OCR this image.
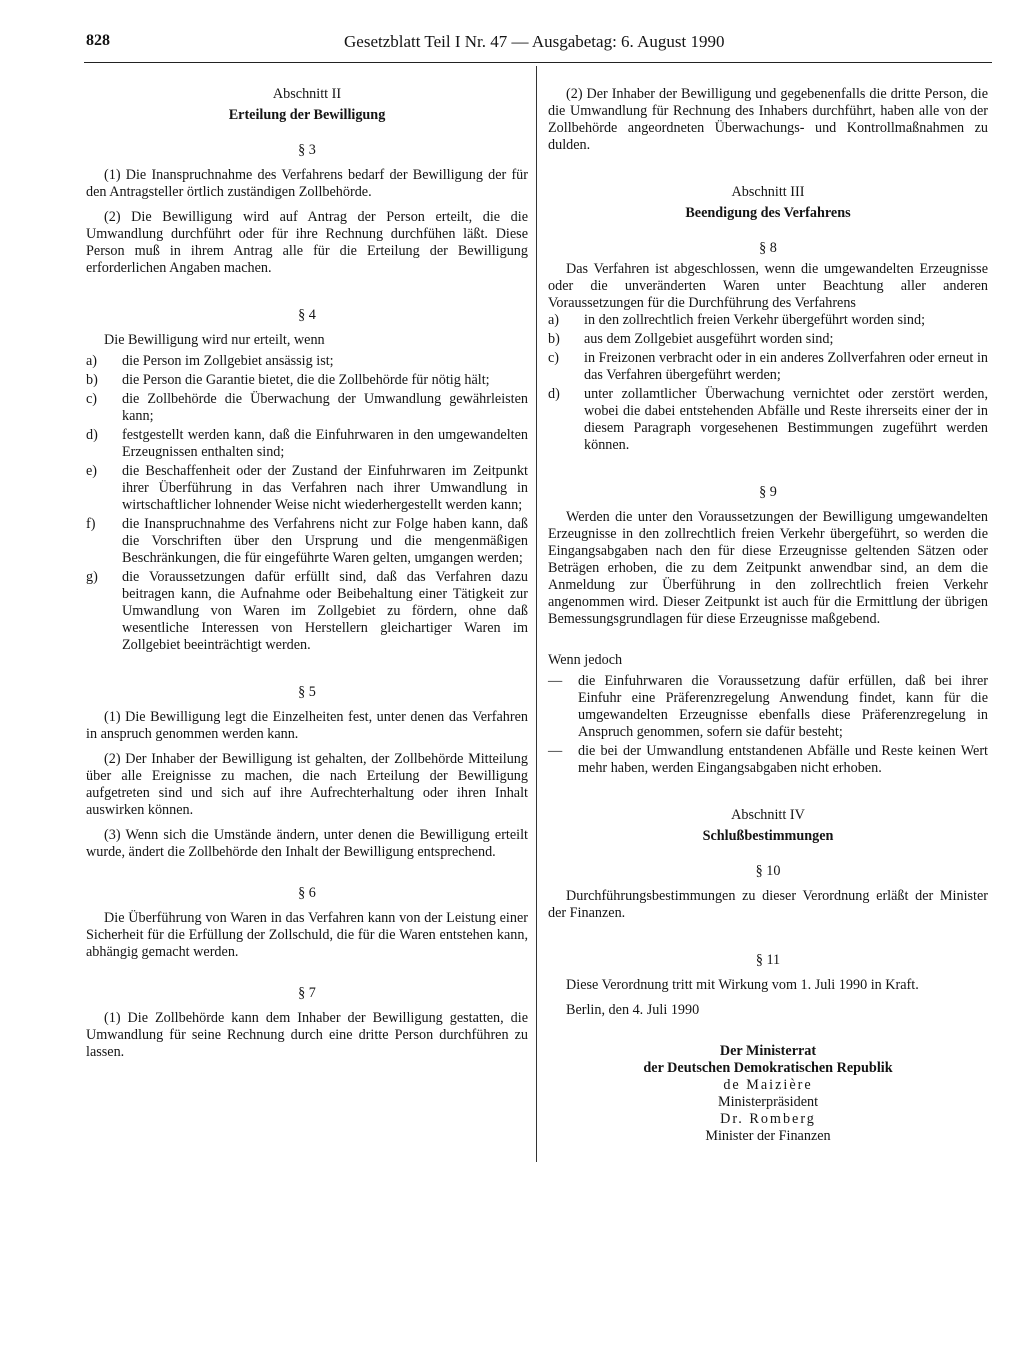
828	Gesetzblatt Teil I Nr. 47 — Ausgabetag: 6. August 1990
Abschnitt II
Erteilung der Bewilligung
§ 3
(1) Die Inanspruchnahme des Verfahrens bedarf der Bewilligung der für den Antragsteller örtlich zuständigen Zollbehörde.
(2) Die Bewilligung wird auf Antrag der Person erteilt, die die Umwandlung durchführt oder für ihre Rechnung durchfühen läßt. Diese Person muß in ihrem Antrag alle für die Erteilung der Bewilligung erforderlichen Angaben machen.
§ 4
Die Bewilligung wird nur erteilt, wenn
a)	die Person im Zollgebiet ansässig ist;
b)	die Person die Garantie bietet, die die Zollbehörde für nötig hält;
c)	die Zollbehörde die Überwachung der Umwandlung gewährleisten kann;
d)	festgestellt werden kann, daß die Einfuhrwaren in den umgewandelten Erzeugnissen enthalten sind;
e)	die Beschaffenheit oder der Zustand der Einfuhrwaren im Zeitpunkt ihrer Überführung in das Verfahren nach ihrer Umwandlung in wirtschaftlicher lohnender Weise nicht wiederhergestellt werden kann;
f)	die Inanspruchnahme des Verfahrens nicht zur Folge haben kann, daß die Vorschriften über den Ursprung und die mengenmäßigen Beschränkungen, die für eingeführte Waren gelten, umgangen werden;
g)	die Voraussetzungen dafür erfüllt sind, daß das Verfahren dazu beitragen kann, die Aufnahme oder Beibehaltung einer Tätigkeit zur Umwandlung von Waren im Zollgebiet zu fördern, ohne daß wesentliche Interessen von Herstellern gleichartiger Waren im Zollgebiet beeinträchtigt werden.
§ 5
(1) Die Bewilligung legt die Einzelheiten fest, unter denen das Verfahren in anspruch genommen werden kann.
(2) Der Inhaber der Bewilligung ist gehalten, der Zollbehörde Mitteilung über alle Ereignisse zu machen, die nach Erteilung der Bewilligung aufgetreten sind und sich auf ihre Aufrechterhaltung oder ihren Inhalt auswirken können.
(3) Wenn sich die Umstände ändern, unter denen die Bewilligung erteilt wurde, ändert die Zollbehörde den Inhalt der Bewilligung entsprechend.
§ 6
Die Überführung von Waren in das Verfahren kann von der Leistung einer Sicherheit für die Erfüllung der Zollschuld, die für die Waren entstehen kann, abhängig gemacht werden.
§ 7
(1) Die Zollbehörde kann dem Inhaber der Bewilligung gestatten, die Umwandlung für seine Rechnung durch eine dritte Person durchführen zu lassen.
(2) Der Inhaber der Bewilligung und gegebenenfalls die dritte Person, die die Umwandlung für Rechnung des Inhabers durchführt, haben alle von der Zollbehörde angeordneten Überwachungs- und Kontrollmaßnahmen zu dulden.
Abschnitt III
Beendigung des Verfahrens
§ 8
Das Verfahren ist abgeschlossen, wenn die umgewandelten Erzeugnisse oder die unveränderten Waren unter Beachtung aller anderen Voraussetzungen für die Durchführung des Verfahrens
a)	in den zollrechtlich freien Verkehr übergeführt worden sind;
b)	aus dem Zollgebiet ausgeführt worden sind;
c)	in Freizonen verbracht oder in ein anderes Zollverfahren oder erneut in das Verfahren übergeführt werden;
d)	unter zollamtlicher Überwachung vernichtet oder zerstört werden, wobei die dabei entstehenden Abfälle und Reste ihrerseits einer der in diesem Paragraph vorgesehenen Bestimmungen zugeführt werden können.
§ 9
Werden die unter den Voraussetzungen der Bewilligung umgewandelten Erzeugnisse in den zollrechtlich freien Verkehr übergeführt, so werden die Eingangsabgaben nach den für diese Erzeugnisse geltenden Sätzen oder Beträgen erhoben, die zu dem Zeitpunkt anwendbar sind, an dem die Anmeldung zur Überführung in den zollrechtlich freien Verkehr angenommen wird. Dieser Zeitpunkt ist auch für die Ermittlung der übrigen Bemessungsgrundlagen für diese Erzeugnisse maßgebend.
Wenn jedoch
—	die Einfuhrwaren die Voraussetzung dafür erfüllen, daß bei ihrer Einfuhr eine Präferenzregelung Anwendung findet, kann für die umgewandelten Erzeugnisse ebenfalls diese Präferenzregelung in Anspruch genommen, sofern sie dafür besteht;
—	die bei der Umwandlung entstandenen Abfälle und Reste keinen Wert mehr haben, werden Eingangsabgaben nicht erhoben.
Abschnitt IV
Schlußbestimmungen
§ 10
Durchführungsbestimmungen zu dieser Verordnung erläßt der Minister der Finanzen.
§ 11
Diese Verordnung tritt mit Wirkung vom 1. Juli 1990 in Kraft.
Berlin, den 4. Juli 1990
Der Ministerrat
der Deutschen Demokratischen Republik
de Maizière
Ministerpräsident
Dr. Romberg
Minister der Finanzen
